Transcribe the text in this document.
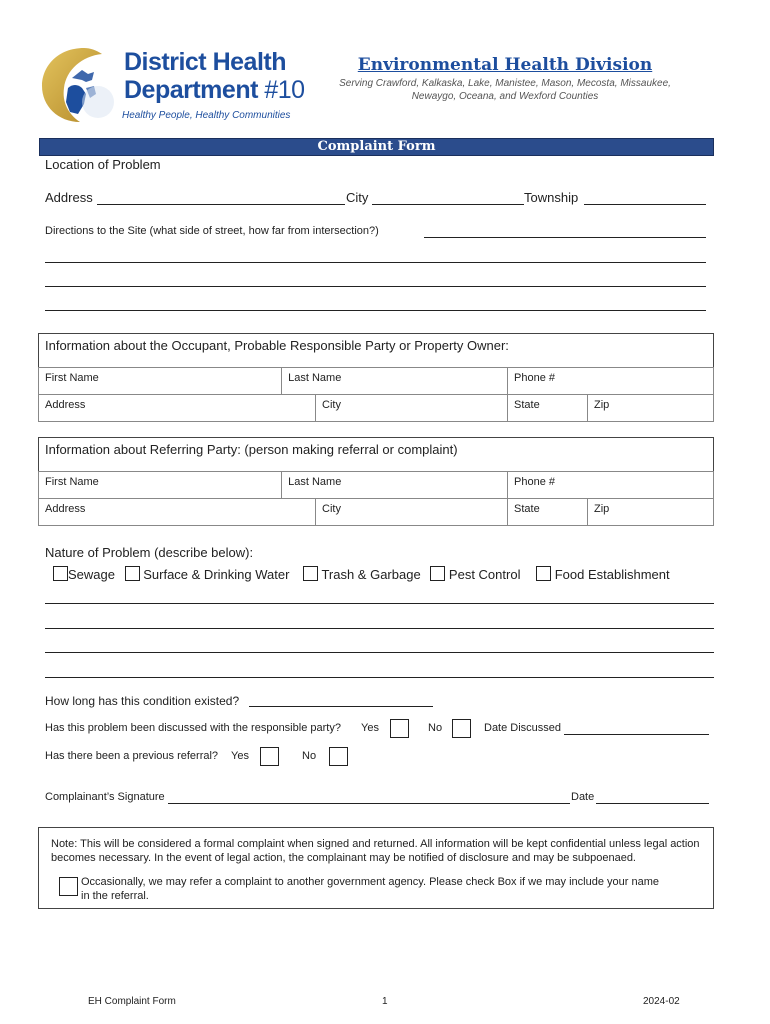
District Health
Department #10
Healthy People, Healthy Communities
Environmental Health Division
Serving Crawford, Kalkaska, Lake, Manistee, Mason, Mecosta, Missaukee,
Newaygo, Oceana, and Wexford Counties
Complaint Form
Location of Problem
Address	City	Township
Directions to the Site (what side of street, how far from intersection?)
Information about the Occupant, Probable Responsible Party or Property Owner:
First Name	Last Name		Phone #	
Address		City	State	Zip
Information about Referring Party: (person making referral or complaint)
First Name	Last Name		Phone #	
Address		City	State	Zip
Nature of Problem (describe below):
Sewage Surface & Drinking Water Trash & Garbage Pest Control	Food Establishment
How long has this condition existed?
Has this problem been discussed with the responsible party? Yes	No	Date Discussed
Has there been a previous referral? Yes	No
Complainant’s Signature	Date
Note: This will be considered a formal complaint when signed and returned. All information will be kept confidential unless legal action becomes necessary. In the event of legal action, the complainant may be notified of disclosure and may be subpoenaed.
Occasionally, we may refer a complaint to another government agency. Please check Box if we may include your name
in the referral.
EH Complaint Form	1	2024-02
